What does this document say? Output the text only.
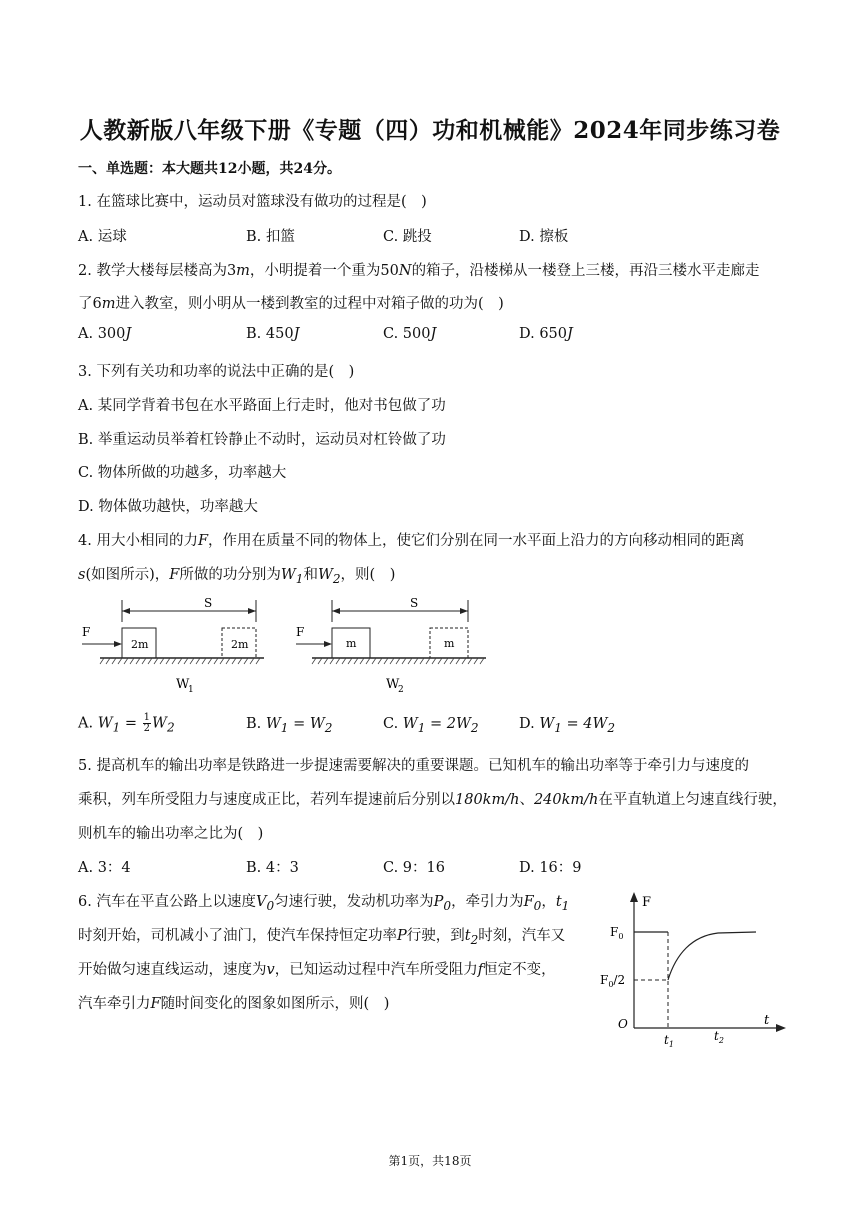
人教新版八年级下册《专题（四）功和机械能》2024年同步练习卷
一、单选题：本大题共12小题，共24分。
1. 在篮球比赛中，运动员对篮球没有做功的过程是(　)
A. 运球	B. 扣篮	C. 跳投	D. 擦板
2. 教学大楼每层楼高为3m，小明提着一个重为50N的箱子，沿楼梯从一楼登上三楼，再沿三楼水平走廊走
了6m进入教室，则小明从一楼到教室的过程中对箱子做的功为(　)
A. 300J	B. 450J	C. 500J	D. 650J
3. 下列有关功和功率的说法中正确的是(　)
A. 某同学背着书包在水平路面上行走时，他对书包做了功
B. 举重运动员举着杠铃静止不动时，运动员对杠铃做了功
C. 物体所做的功越多，功率越大
D. 物体做功越快，功率越大
4. 用大小相同的力F，作用在质量不同的物体上，使它们分别在同一水平面上沿力的方向移动相同的距离
s(如图所示)，F所做的功分别为$W_1$和$W_2$，则(　)
S
F
2m	2m
W
1
S
F
m	m
W
2
A. $W_1 = \frac{1}{2} W_2$	B. $W_1 = W_2$	C. $W_1 = 2W_2$	D. $W_1 = 4W_2$
5. 提高机车的输出功率是铁路进一步提速需要解决的重要课题。已知机车的输出功率等于牵引力与速度的
乘积，列车所受阻力与速度成正比，若列车提速前后分别以180km/h、240km/h在平直轨道上匀速直线行驶，
则机车的输出功率之比为(　)
A. 3：4	B. 4：3	C. 9：16	D. 16：9
6. 汽车在平直公路上以速度$V_0$匀速行驶，发动机功率为$P_0$，牵引力为$F_0$，$t_1$
时刻开始，司机减小了油门，使汽车保持恒定功率P行驶，到$t_2$时刻，汽车又
开始做匀速直线运动，速度为v，已知运动过程中汽车所受阻力f恒定不变，
汽车牵引力F随时间变化的图象如图所示，则(　)
F
t
O
$F_0$
$F_0/2$
$t_1$
$t_2$
第1页，共18页
